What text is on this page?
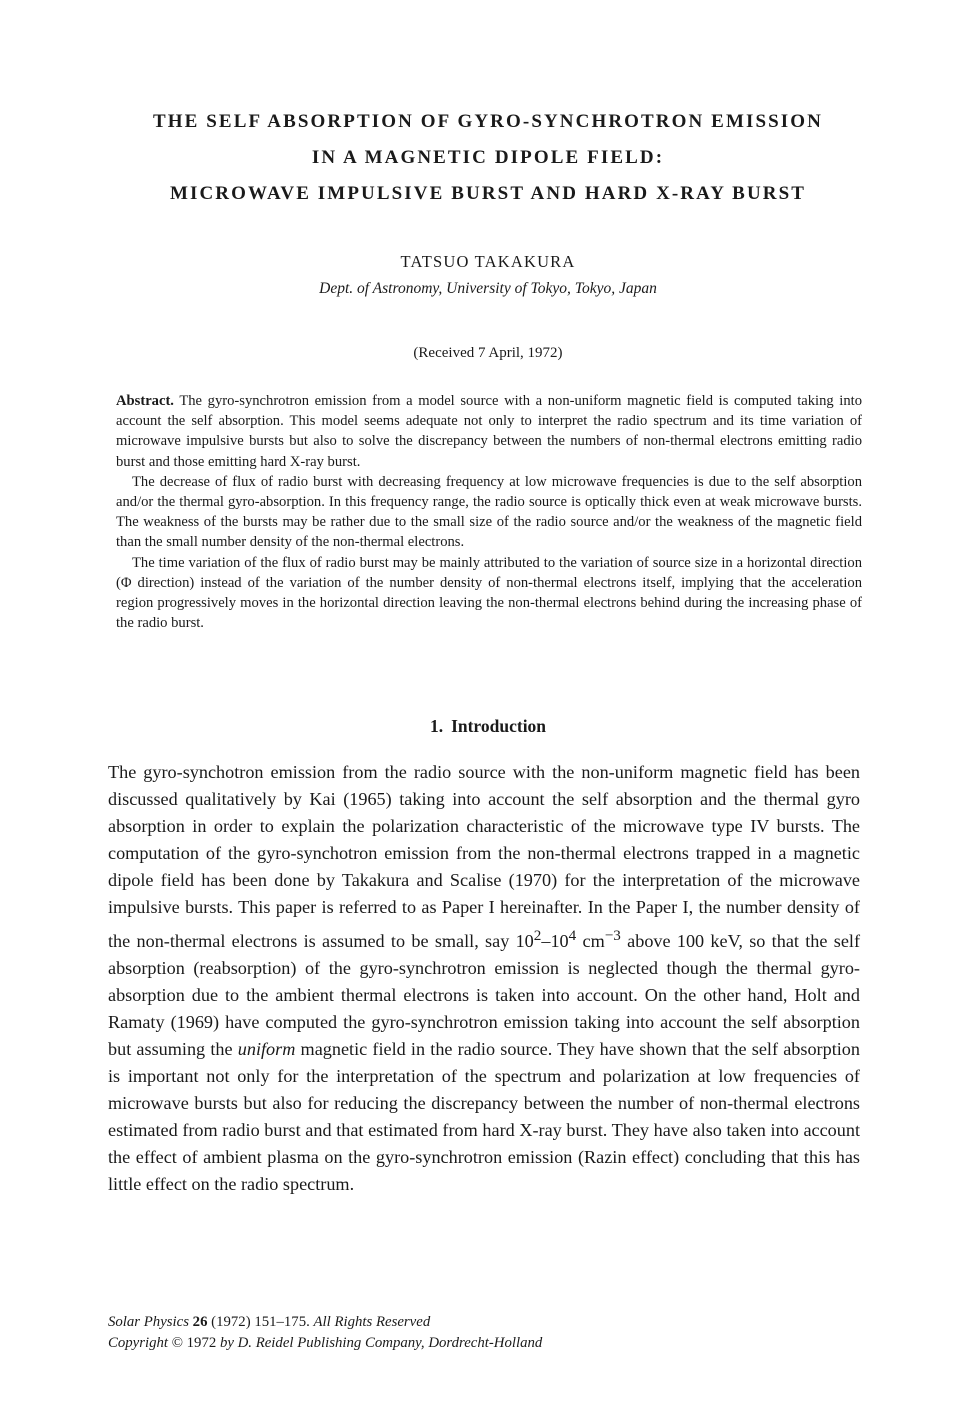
THE SELF ABSORPTION OF GYRO-SYNCHROTRON EMISSION
IN A MAGNETIC DIPOLE FIELD:
MICROWAVE IMPULSIVE BURST AND HARD X-RAY BURST
TATSUO TAKAKURA
Dept. of Astronomy, University of Tokyo, Tokyo, Japan
(Received 7 April, 1972)

Abstract. The gyro-synchrotron emission from a model source with a non-uniform magnetic field is computed taking into account the self absorption. This model seems adequate not only to interpret the radio spectrum and its time variation of microwave impulsive bursts but also to solve the discrepancy between the numbers of non-thermal electrons emitting radio burst and those emitting hard X-ray burst.

The decrease of flux of radio burst with decreasing frequency at low microwave frequencies is due to the self absorption and/or the thermal gyro-absorption. In this frequency range, the radio source is optically thick even at weak microwave bursts. The weakness of the bursts may be rather due to the small size of the radio source and/or the weakness of the magnetic field than the small number density of the non-thermal electrons.

The time variation of the flux of radio burst may be mainly attributed to the variation of source size in a horizontal direction (Φ direction) instead of the variation of the number density of non-thermal electrons itself, implying that the acceleration region progressively moves in the horizontal direction leaving the non-thermal electrons behind during the increasing phase of the radio burst.

1. Introduction

The gyro-synchotron emission from the radio source with the non-uniform magnetic field has been discussed qualitatively by Kai (1965) taking into account the self absorption and the thermal gyro absorption in order to explain the polarization characteristic of the microwave type IV bursts. The computation of the gyro-synchotron emission from the non-thermal electrons trapped in a magnetic dipole field has been done by Takakura and Scalise (1970) for the interpretation of the microwave impulsive bursts. This paper is referred to as Paper I hereinafter. In the Paper I, the number density of the non-thermal electrons is assumed to be small, say $10^2-10^4$ $cm^{-3}$ above 100 keV, so that the self absorption (reabsorption) of the gyro-synchrotron emission is neglected though the thermal gyro-absorption due to the ambient thermal electrons is taken into account. On the other hand, Holt and Ramaty (1969) have computed the gyro-synchrotron emission taking into account the self absorption but assuming the uniform magnetic field in the radio source. They have shown that the self absorption is important not only for the interpretation of the spectrum and polarization at low frequencies of microwave bursts but also for reducing the discrepancy between the number of non-thermal electrons estimated from radio burst and that estimated from hard X-ray burst. They have also taken into account the effect of ambient plasma on the gyro-synchrotron emission (Razin effect) concluding that this has little effect on the radio spectrum.

Solar Physics 26 (1972) 151–175. All Rights Reserved
Copyright © 1972 by D. Reidel Publishing Company, Dordrecht-Holland
